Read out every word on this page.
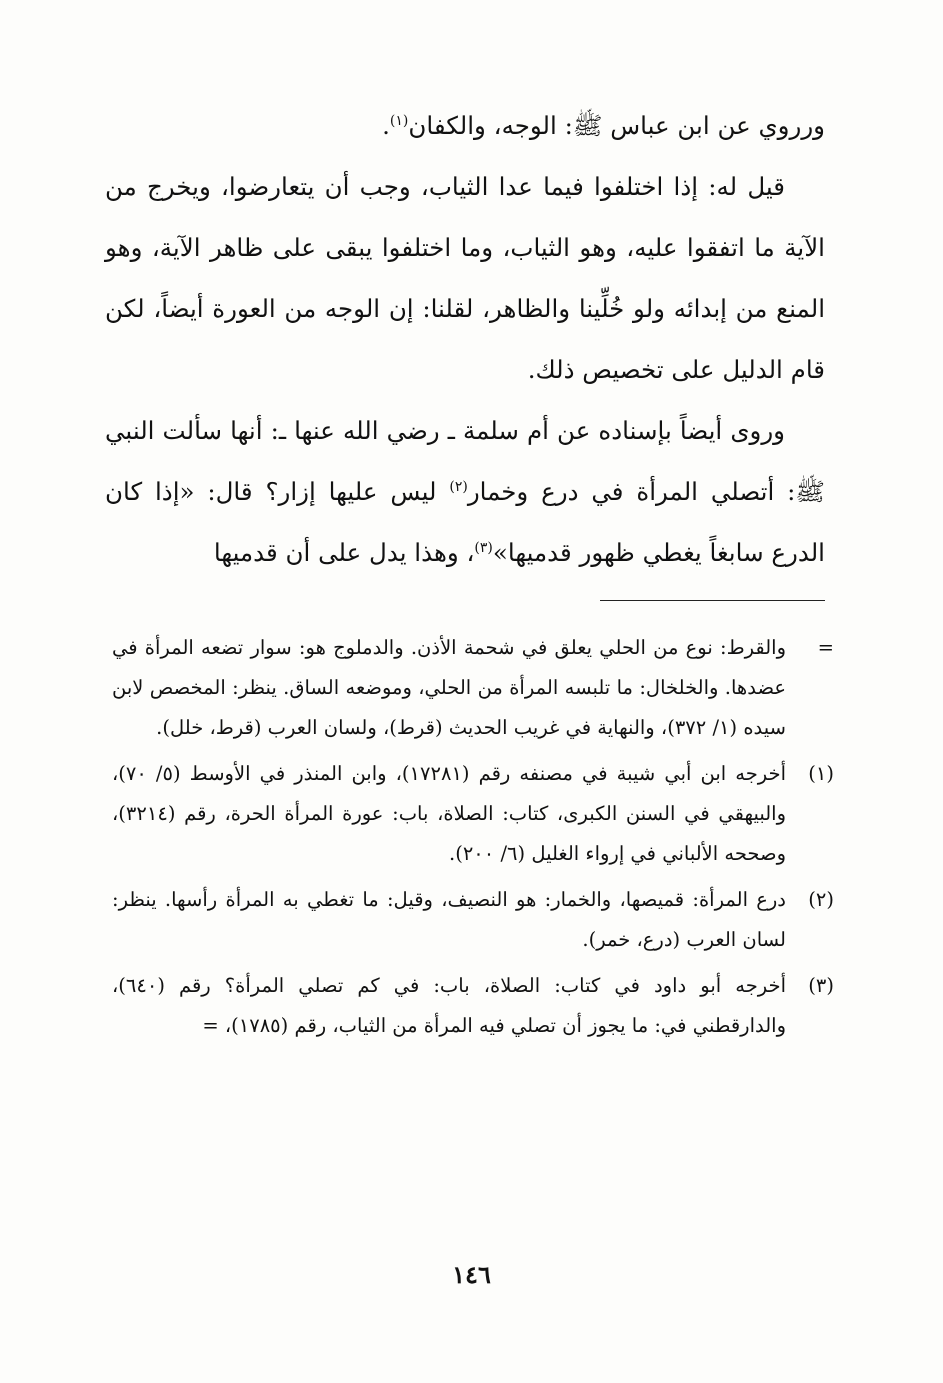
ورروي عن ابن عباس ﷺ: الوجه، والكفان$^{(١)}$.

قيل له: إذا اختلفوا فيما عدا الثياب، وجب أن يتعارضوا، ويخرج من الآية ما اتفقوا عليه، وهو الثياب، وما اختلفوا يبقى على ظاهر الآية، وهو المنع من إبدائه ولو خُلِّينا والظاهر، لقلنا: إن الوجه من العورة أيضاً، لكن قام الدليل على تخصيص ذلك.

وروى أيضاً بإسناده عن أم سلمة ـ رضي الله عنها ـ: أنها سألت النبي ﷺ: أتصلي المرأة في درع وخمار$^{(٢)}$ ليس عليها إزار؟ قال: «إذا كان الدرع سابغاً يغطي ظهور قدميها»$^{(٣)}$، وهذا يدل على أن قدميها

=
والقرط: نوع من الحلي يعلق في شحمة الأذن. والدملوج هو: سوار تضعه المرأة في عضدها. والخلخال: ما تلبسه المرأة من الحلي، وموضعه الساق. ينظر: المخصص لابن سيده (١/ ٣٧٢)، والنهاية في غريب الحديث (قرط)، ولسان العرب (قرط، خلل).
(١)
أخرجه ابن أبي شيبة في مصنفه رقم (١٧٢٨١)، وابن المنذر في الأوسط (٥/ ٧٠)، والبيهقي في السنن الكبرى، كتاب: الصلاة، باب: عورة المرأة الحرة، رقم (٣٢١٤)، وصححه الألباني في إرواء الغليل (٦/ ٢٠٠).
(٢)
درع المرأة: قميصها، والخمار: هو النصيف، وقيل: ما تغطي به المرأة رأسها. ينظر: لسان العرب (درع، خمر).
(٣)
أخرجه أبو داود في كتاب: الصلاة، باب: في كم تصلي المرأة؟ رقم (٦٤٠)، والدارقطني في: ما يجوز أن تصلي فيه المرأة من الثياب، رقم (١٧٨٥)، =
١٤٦
